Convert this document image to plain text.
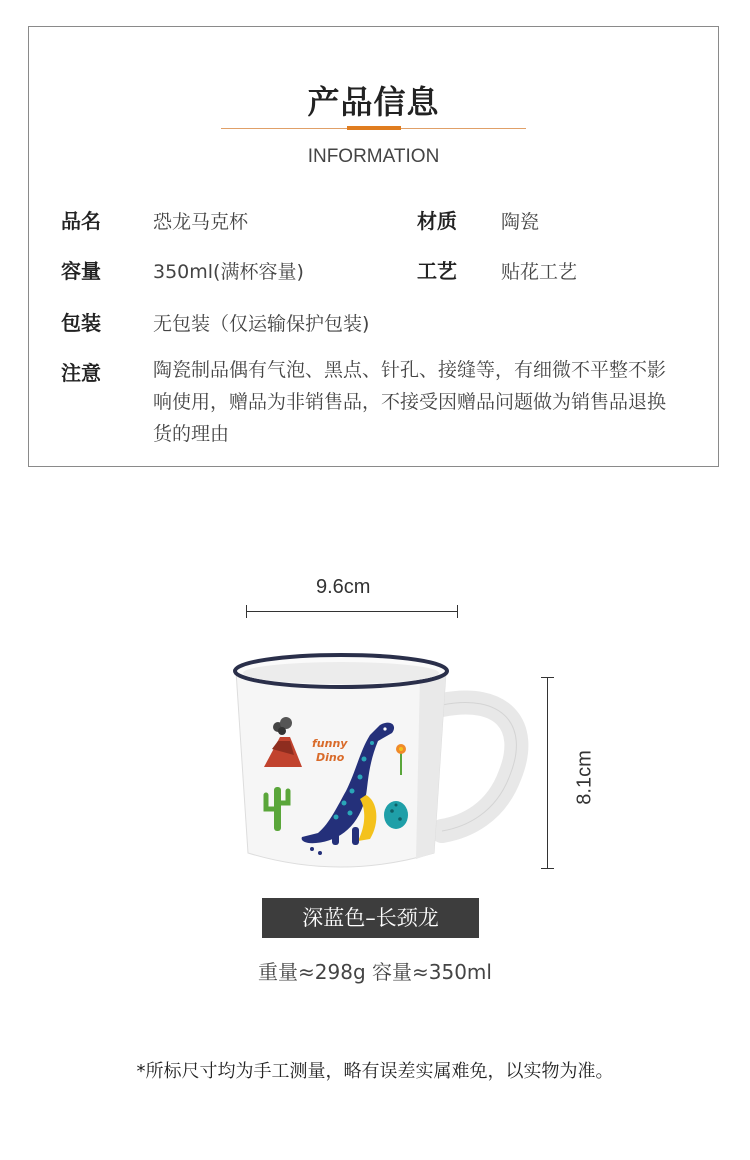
产品信息
INFORMATION
品名	恐龙马克杯	材质 陶瓷
容量	350ml(满杯容量)	工艺 贴花工艺
包装	无包装（仅运输保护包装)
注意	陶瓷制品偶有气泡、黑点、针孔、接缝等，有细微不平整不影响使用，赠品为非销售品，不接受因赠品问题做为销售品退换货的理由
9.6cm
8.1cm
funny
Dino
深蓝色–长颈龙
重量≈298g 容量≈350ml
*所标尺寸均为手工测量，略有误差实属难免，以实物为准。
